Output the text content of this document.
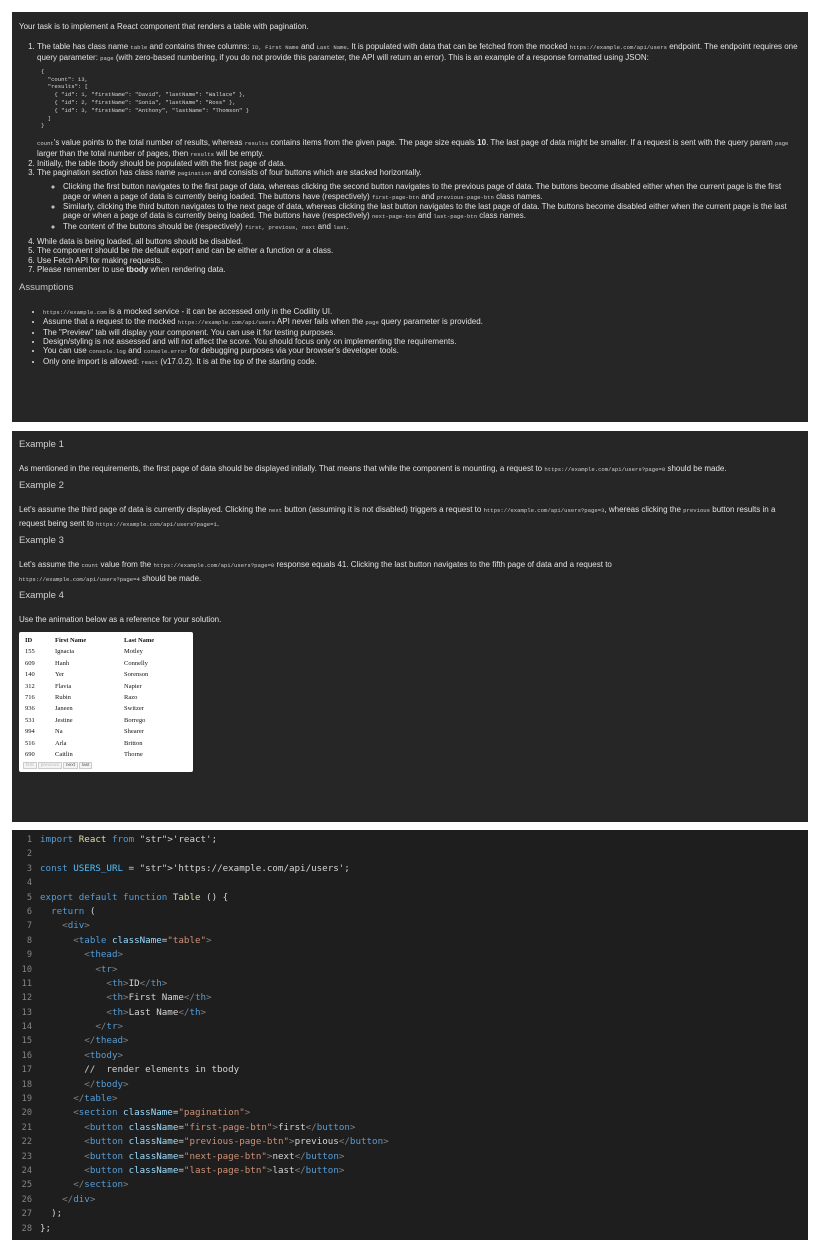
Your task is to implement a React component that renders a table with pagination.
1. The table has class name table and contains three columns: ID, First Name and Last Name. It is populated with data that can be fetched from the mocked https://example.com/api/users endpoint. The endpoint requires one query parameter: page (with zero-based numbering, if you do not provide this parameter, the API will return an error). This is an example of a response formatted using JSON:
{
"count": 13,
"results": [
{ "id": 1, "firstName": "David", "lastName": "Wallace" },
{ "id": 2, "firstName": "Sonia", "lastName": "Ross" },
{ "id": 3, "firstName": "Anthony", "lastName": "Thomson" }
]
}
count's value points to the total number of results, whereas results contains items from the given page. The page size equals 10. The last page of data might be smaller. If a request is sent with the query param page larger than the total number of pages, then results will be empty.
2. Initially, the table tbody should be populated with the first page of data.
3. The pagination section has class name pagination and consists of four buttons which are stacked horizontally.
◦ Clicking the first button navigates to the first page of data, whereas clicking the second button navigates to the previous page of data. The buttons become disabled either when the current page is the first page or when a page of data is currently being loaded. The buttons have (respectively) first-page-btn and previous-page-btn class names.
◦ Similarly, clicking the third button navigates to the next page of data, whereas clicking the last button navigates to the last page of data. The buttons become disabled either when the current page is the last page or when a page of data is currently being loaded. The buttons have (respectively) next-page-btn and last-page-btn class names.
◦ The content of the buttons should be (respectively) first, previous, next and last.
4. While data is being loaded, all buttons should be disabled.
5. The component should be the default export and can be either a function or a class.
6. Use Fetch API for making requests.
7. Please remember to use tbody when rendering data.
Assumptions
• https://example.com is a mocked service - it can be accessed only in the Codility UI.
• Assume that a request to the mocked https://example.com/api/users API never fails when the page query parameter is provided.
• The "Preview" tab will display your component. You can use it for testing purposes.
• Design/styling is not assessed and will not affect the score. You should focus only on implementing the requirements.
• You can use console.log and console.error for debugging purposes via your browser's developer tools.
• Only one import is allowed: react (v17.0.2). It is at the top of the starting code.
Example 1
As mentioned in the requirements, the first page of data should be displayed initially. That means that while the component is mounting, a request to https://example.com/api/users?page=0 should be made.
Example 2
Let's assume the third page of data is currently displayed. Clicking the next button (assuming it is not disabled) triggers a request to https://example.com/api/users?page=3, whereas clicking the previous button results in a request being sent to https://example.com/api/users?page=1.
Example 3
Let's assume the count value from the https://example.com/api/users?page=0 response equals 41. Clicking the last button navigates to the fifth page of data and a request to
https://example.com/api/users?page=4 should be made.
Example 4
Use the animation below as a reference for your solution.
ID	First Name	Last Name
155	Ignacia	Motley
609	Hanh	Connelly
140	Yer	Sorenson
312	Flavia	Napier
716	Rubin	Razo
936	Janeen	Switzer
531	Jestine	Borrego
994	Na	Shearer
516	Arla	Britton
690	Caitlin	Thorne
first	previous	next	last
1 import React from "str">'react';
2
3 const USERS_URL = "str">'https://example.com/api/users';
4
5 export default function Table () {
6	return (
7	<div>
8	<table className="table">
9	<thead>
10	<tr>
11	<th>ID</th>
12	<th>First Name</th>
13	<th>Last Name</th>
14	</tr>
15	</thead>
16	<tbody>
17 //  render elements in tbody
18	</tbody>
19	</table>
20	<section className="pagination">
21	<button className="first-page-btn">first</button>
22	<button className="previous-page-btn">previous</button>
23	<button className="next-page-btn">next</button>
24	<button className="last-page-btn">last</button>
25	</section>
26	</div>
27 );
28 };
